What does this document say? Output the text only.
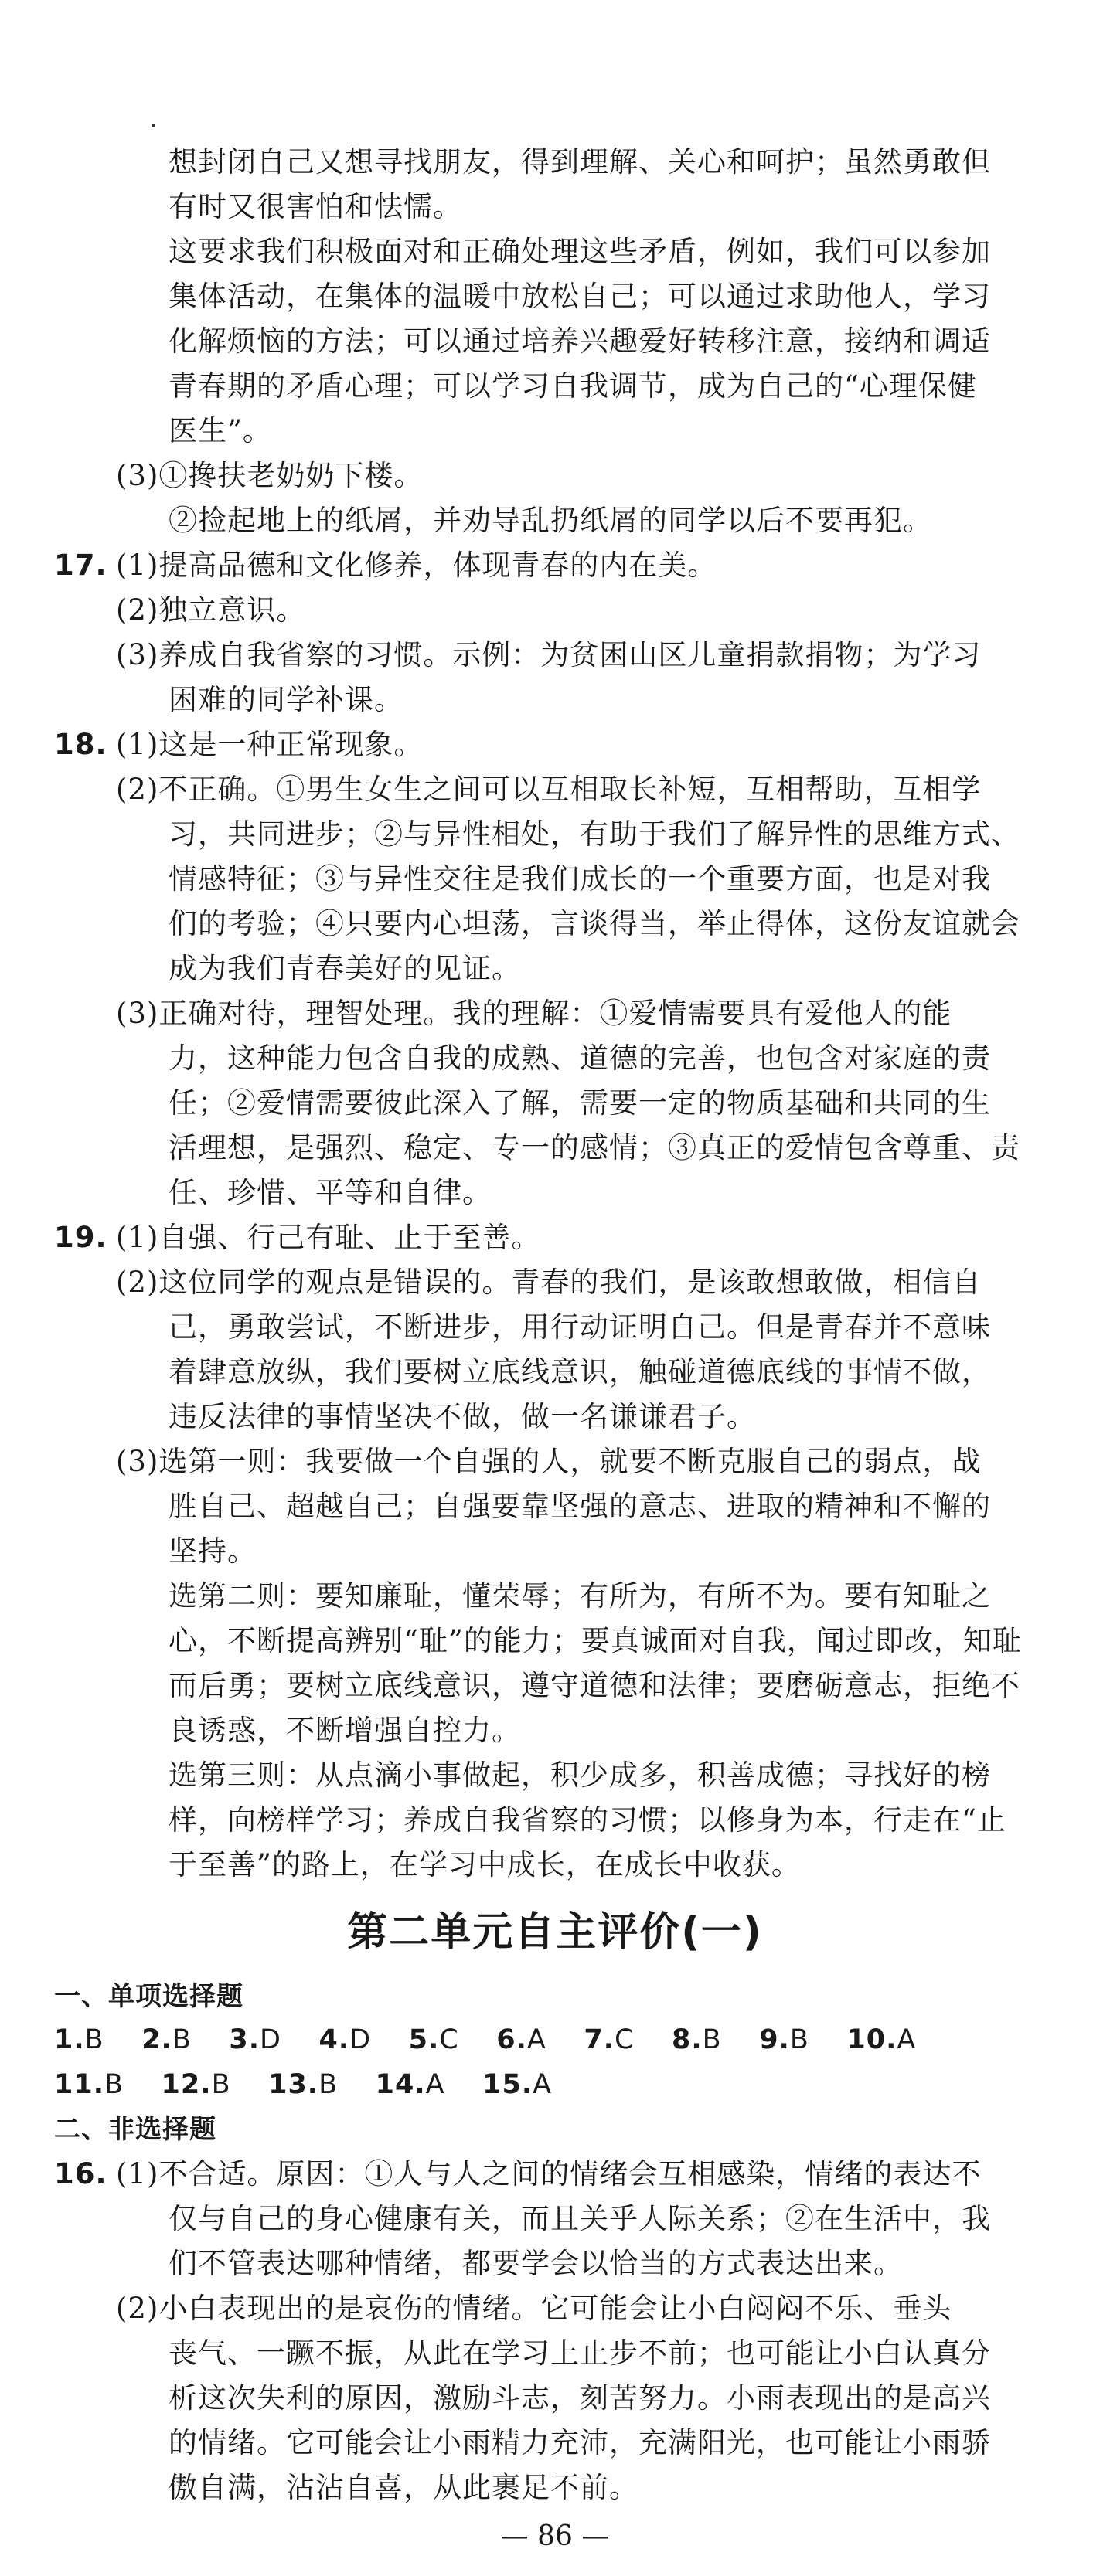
想封闭自己又想寻找朋友，得到理解、关心和呵护；虽然勇敢但
有时又很害怕和怯懦。
这要求我们积极面对和正确处理这些矛盾，例如，我们可以参加
集体活动，在集体的温暖中放松自己；可以通过求助他人，学习
化解烦恼的方法；可以通过培养兴趣爱好转移注意，接纳和调适
青春期的矛盾心理；可以学习自我调节，成为自己的“心理保健
医生”。
(3)①搀扶老奶奶下楼。
②捡起地上的纸屑，并劝导乱扔纸屑的同学以后不要再犯。
17. (1)提高品德和文化修养，体现青春的内在美。
(2)独立意识。
(3)养成自我省察的习惯。示例：为贫困山区儿童捐款捐物；为学习
困难的同学补课。
18. (1)这是一种正常现象。
(2)不正确。①男生女生之间可以互相取长补短，互相帮助，互相学
习，共同进步；②与异性相处，有助于我们了解异性的思维方式、
情感特征；③与异性交往是我们成长的一个重要方面，也是对我
们的考验；④只要内心坦荡，言谈得当，举止得体，这份友谊就会
成为我们青春美好的见证。
(3)正确对待，理智处理。我的理解：①爱情需要具有爱他人的能
力，这种能力包含自我的成熟、道德的完善，也包含对家庭的责
任；②爱情需要彼此深入了解，需要一定的物质基础和共同的生
活理想，是强烈、稳定、专一的感情；③真正的爱情包含尊重、责
任、珍惜、平等和自律。
19. (1)自强、行己有耻、止于至善。
(2)这位同学的观点是错误的。青春的我们，是该敢想敢做，相信自
己，勇敢尝试，不断进步，用行动证明自己。但是青春并不意味
着肆意放纵，我们要树立底线意识，触碰道德底线的事情不做，
违反法律的事情坚决不做，做一名谦谦君子。
(3)选第一则：我要做一个自强的人，就要不断克服自己的弱点，战
胜自己、超越自己；自强要靠坚强的意志、进取的精神和不懈的
坚持。
选第二则：要知廉耻，懂荣辱；有所为，有所不为。要有知耻之
心，不断提高辨别“耻”的能力；要真诚面对自我，闻过即改，知耻
而后勇；要树立底线意识，遵守道德和法律；要磨砺意志，拒绝不
良诱惑，不断增强自控力。
选第三则：从点滴小事做起，积少成多，积善成德；寻找好的榜
样，向榜样学习；养成自我省察的习惯；以修身为本，行走在“止
于至善”的路上，在学习中成长，在成长中收获。
第二单元自主评价(一)
一、单项选择题
1.B 2.B 3.D 4.D 5.C 6.A 7.C 8.B 9.B 10.A
11.B 12.B 13.B 14.A 15.A
二、非选择题
16. (1)不合适。原因：①人与人之间的情绪会互相感染，情绪的表达不
仅与自己的身心健康有关，而且关乎人际关系；②在生活中，我
们不管表达哪种情绪，都要学会以恰当的方式表达出来。
(2)小白表现出的是哀伤的情绪。它可能会让小白闷闷不乐、垂头
丧气、一蹶不振，从此在学习上止步不前；也可能让小白认真分
析这次失利的原因，激励斗志，刻苦努力。小雨表现出的是高兴
的情绪。它可能会让小雨精力充沛，充满阳光，也可能让小雨骄
傲自满，沾沾自喜，从此裹足不前。
— 86 —
